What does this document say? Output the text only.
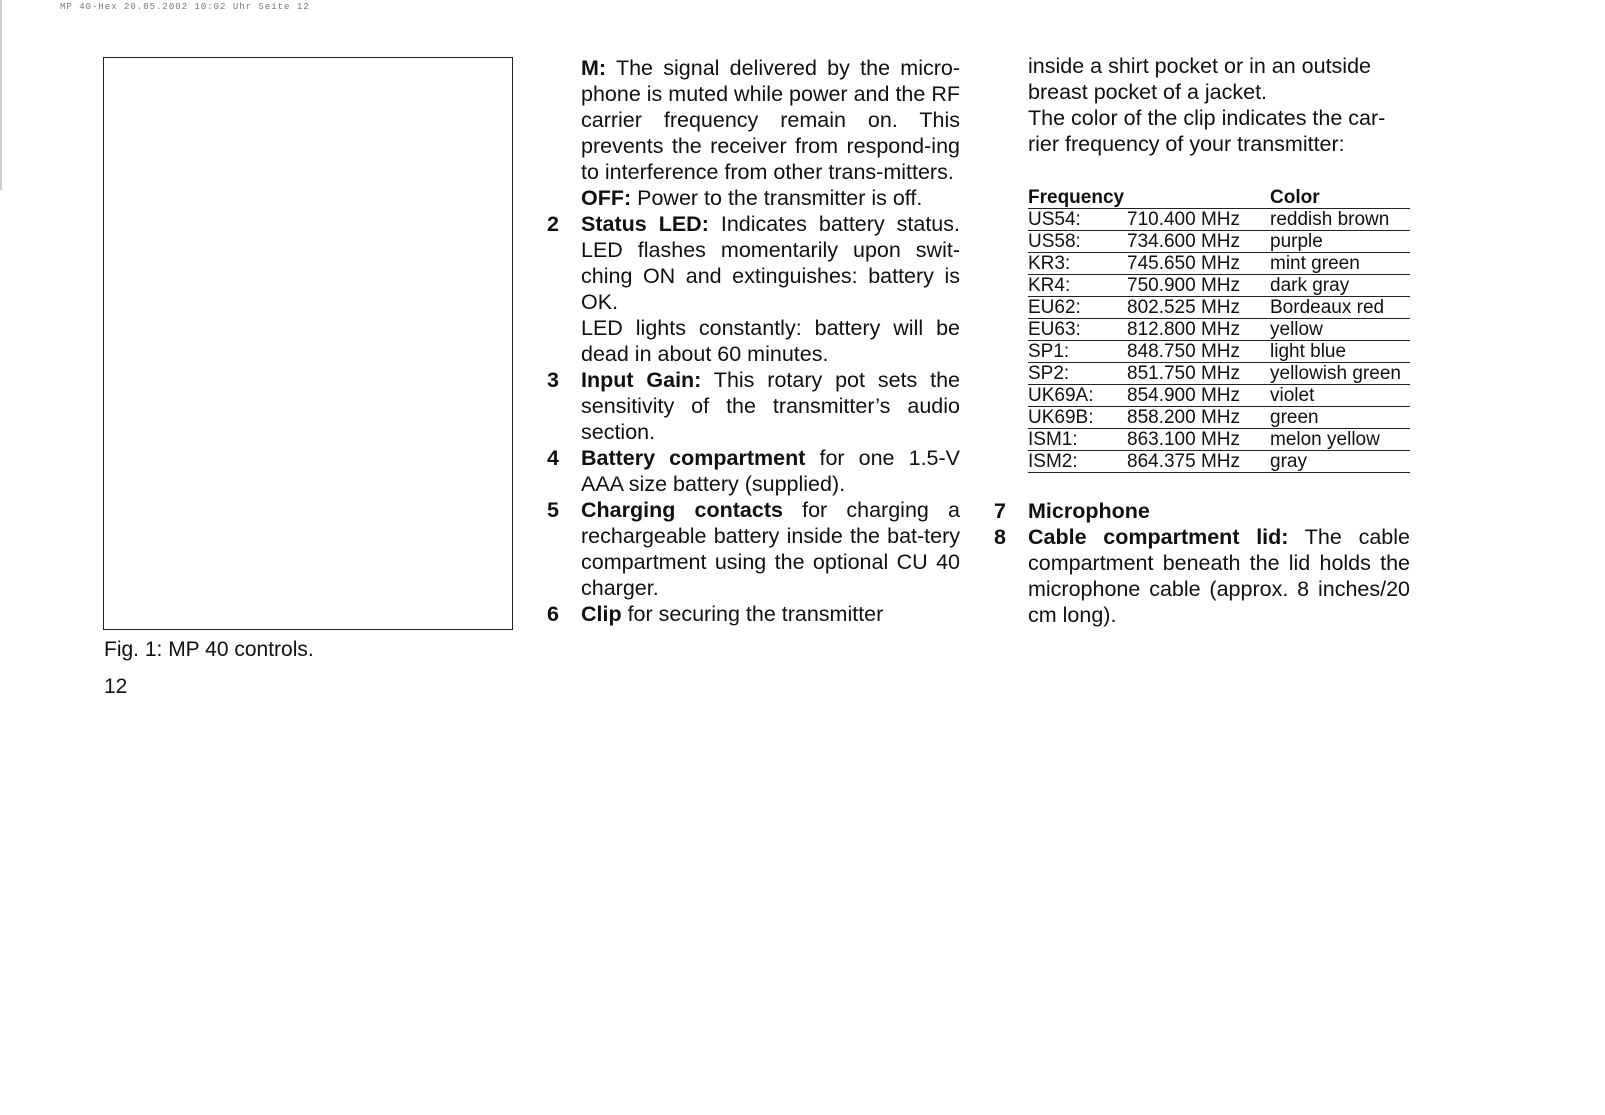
MP 40-Hex 20.05.2002 10:02 Uhr Seite 12
Fig. 1: MP 40 controls.
12

M: The signal delivered by the micro-phone is muted while power and the RF carrier frequency remain on. This prevents the receiver from respond-ing to interference from other trans-mitters.

OFF: Power to the transmitter is off.

2 Status LED: Indicates battery status. LED flashes momentarily upon swit-ching ON and extinguishes: battery is OK.
LED lights constantly: battery will be dead in about 60 minutes.
3 Input Gain: This rotary pot sets the sensitivity of the transmitter’s audio section.
4 Battery compartment for one 1.5-V AAA size battery (supplied).
5 Charging contacts for charging a rechargeable battery inside the bat-tery compartment using the optional CU 40 charger.
6 Clip for securing the transmitter

inside a shirt pocket or in an outside breast pocket of a jacket.

The color of the clip indicates the car-rier frequency of your transmitter:

Frequency		Color
US54:	710.400 MHz	reddish brown
US58:	734.600 MHz	purple
KR3:	745.650 MHz	mint green
KR4:	750.900 MHz	dark gray
EU62:	802.525 MHz	Bordeaux red
EU63:	812.800 MHz	yellow
SP1:	848.750 MHz	light blue
SP2:	851.750 MHz	yellowish green
UK69A:	854.900 MHz	violet
UK69B:	858.200 MHz	green
ISM1:	863.100 MHz	melon yellow
ISM2:	864.375 MHz	gray
7 Microphone
8 Cable compartment lid: The cable compartment beneath the lid holds the microphone cable (approx. 8 inches/20 cm long).
